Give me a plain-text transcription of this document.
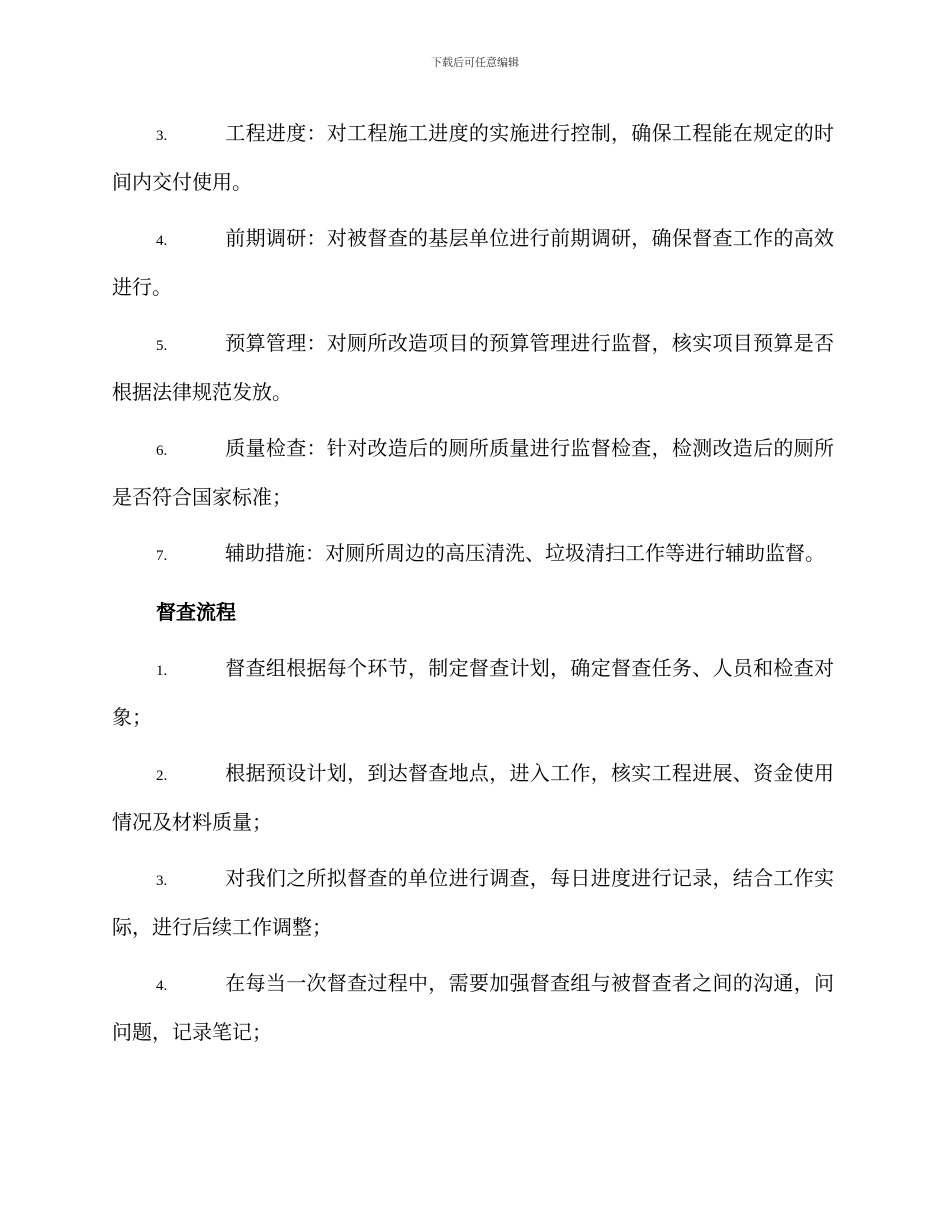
下载后可任意编辑
3.	工程进度：对工程施工进度的实施进行控制，确保工程能在规定的时间内交付使用。
4.	前期调研：对被督查的基层单位进行前期调研，确保督查工作的高效进行。
5.	预算管理：对厕所改造项目的预算管理进行监督，核实项目预算是否根据法律规范发放。
6.	质量检查：针对改造后的厕所质量进行监督检查，检测改造后的厕所是否符合国家标准；
7.	辅助措施：对厕所周边的高压清洗、垃圾清扫工作等进行辅助监督。
督查流程
1.	督查组根据每个环节，制定督查计划，确定督查任务、人员和检查对象；
2.	根据预设计划，到达督查地点，进入工作，核实工程进展、资金使用情况及材料质量；
3.	对我们之所拟督查的单位进行调查，每日进度进行记录，结合工作实际，进行后续工作调整；
4.	在每当一次督查过程中，需要加强督查组与被督查者之间的沟通，问问题，记录笔记；
